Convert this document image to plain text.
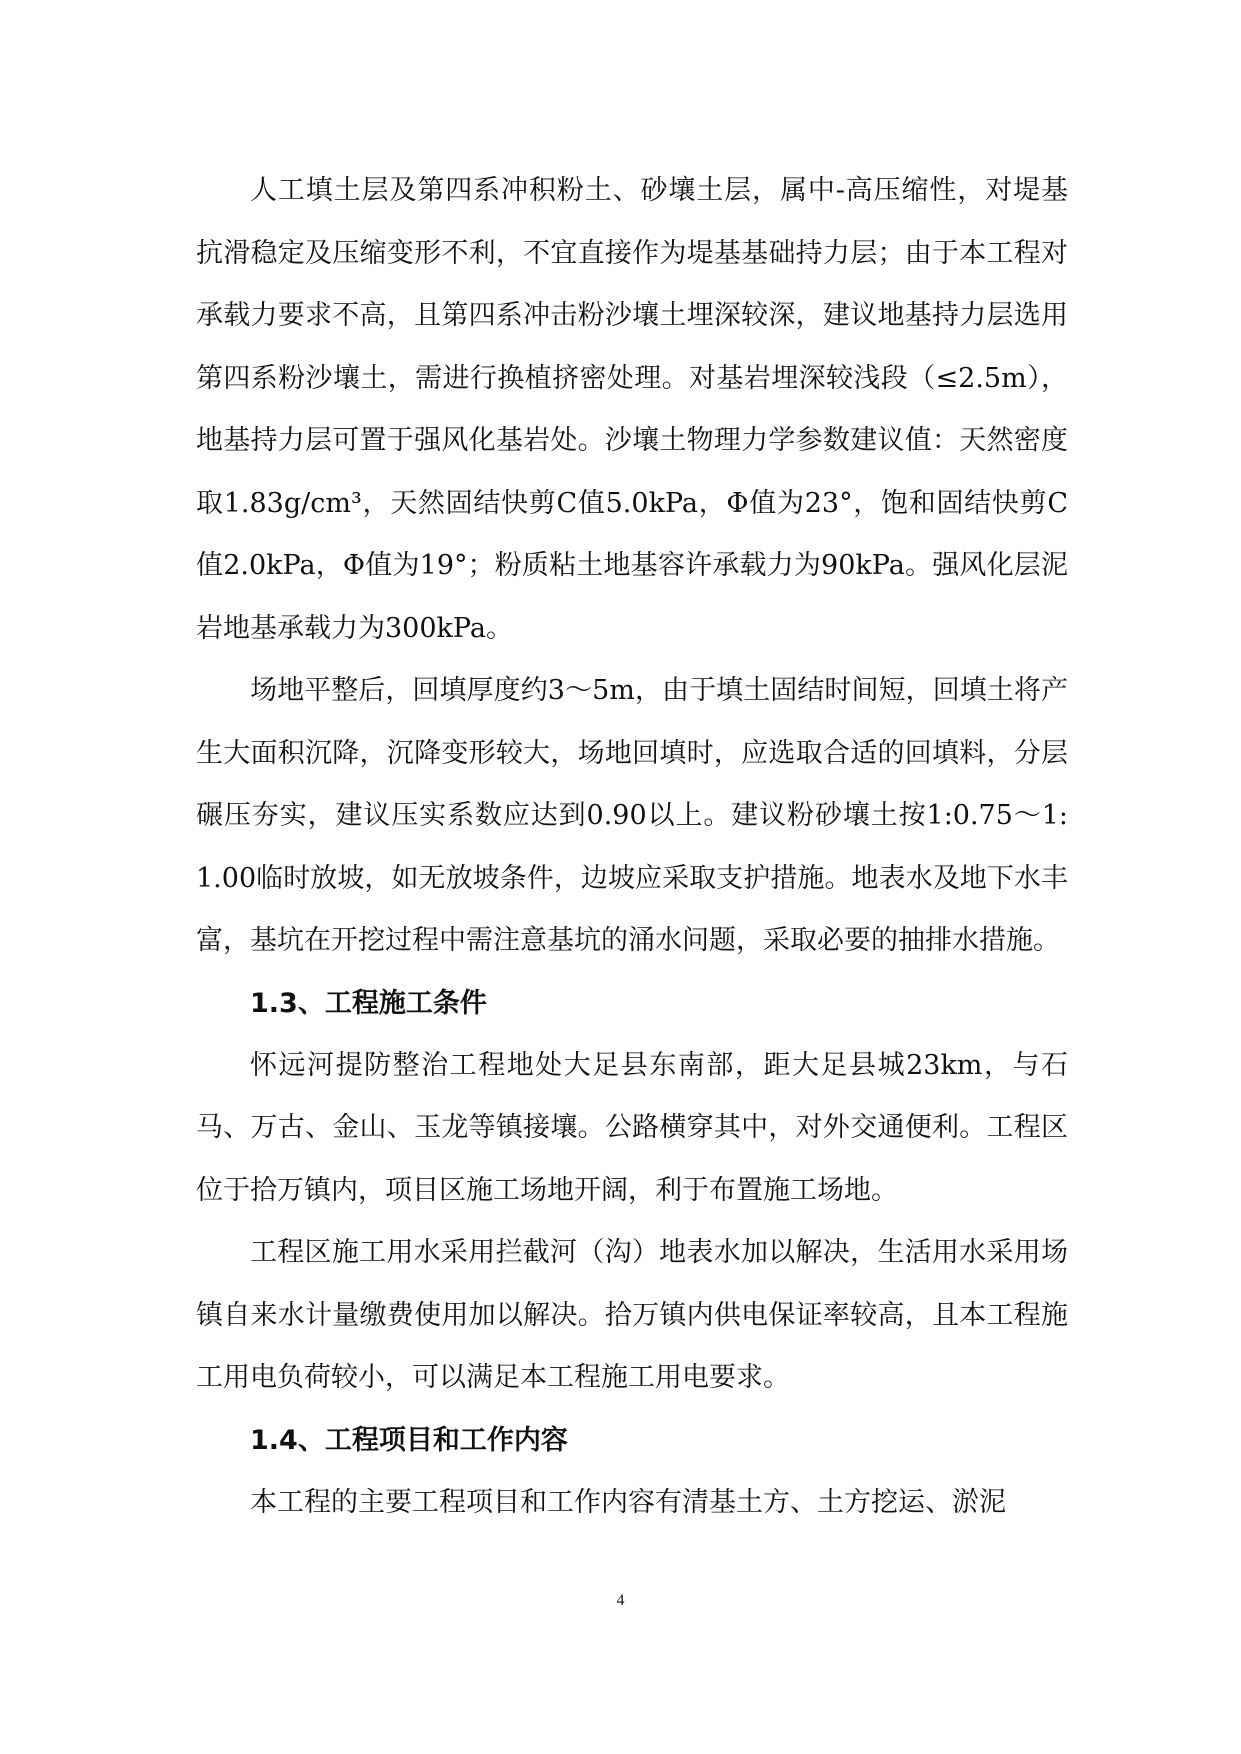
人工填土层及第四系冲积粉土、砂壤土层，属中-高压缩性，对堤基抗滑稳定及压缩变形不利，不宜直接作为堤基基础持力层；由于本工程对承载力要求不高，且第四系冲击粉沙壤土埋深较深，建议地基持力层选用第四系粉沙壤土，需进行换植挤密处理。对基岩埋深较浅段（≤2.5m），地基持力层可置于强风化基岩处。沙壤土物理力学参数建议值：天然密度取1.83g/cm³，天然固结快剪C值5.0kPa，Φ值为23°，饱和固结快剪C值2.0kPa，Φ值为19°；粉质粘土地基容许承载力为90kPa。强风化层泥岩地基承载力为300kPa。

场地平整后，回填厚度约3～5m，由于填土固结时间短，回填土将产生大面积沉降，沉降变形较大，场地回填时，应选取合适的回填料，分层碾压夯实，建议压实系数应达到0.90以上。建议粉砂壤土按1:0.75～1:1.00临时放坡，如无放坡条件，边坡应采取支护措施。地表水及地下水丰富，基坑在开挖过程中需注意基坑的涌水问题，采取必要的抽排水措施。

1.3、工程施工条件

怀远河提防整治工程地处大足县东南部，距大足县城23km，与石马、万古、金山、玉龙等镇接壤。公路横穿其中，对外交通便利。工程区位于拾万镇内，项目区施工场地开阔，利于布置施工场地。

工程区施工用水采用拦截河（沟）地表水加以解决，生活用水采用场镇自来水计量缴费使用加以解决。拾万镇内供电保证率较高，且本工程施工用电负荷较小，可以满足本工程施工用电要求。

1.4、工程项目和工作内容

本工程的主要工程项目和工作内容有清基土方、土方挖运、淤泥

4
